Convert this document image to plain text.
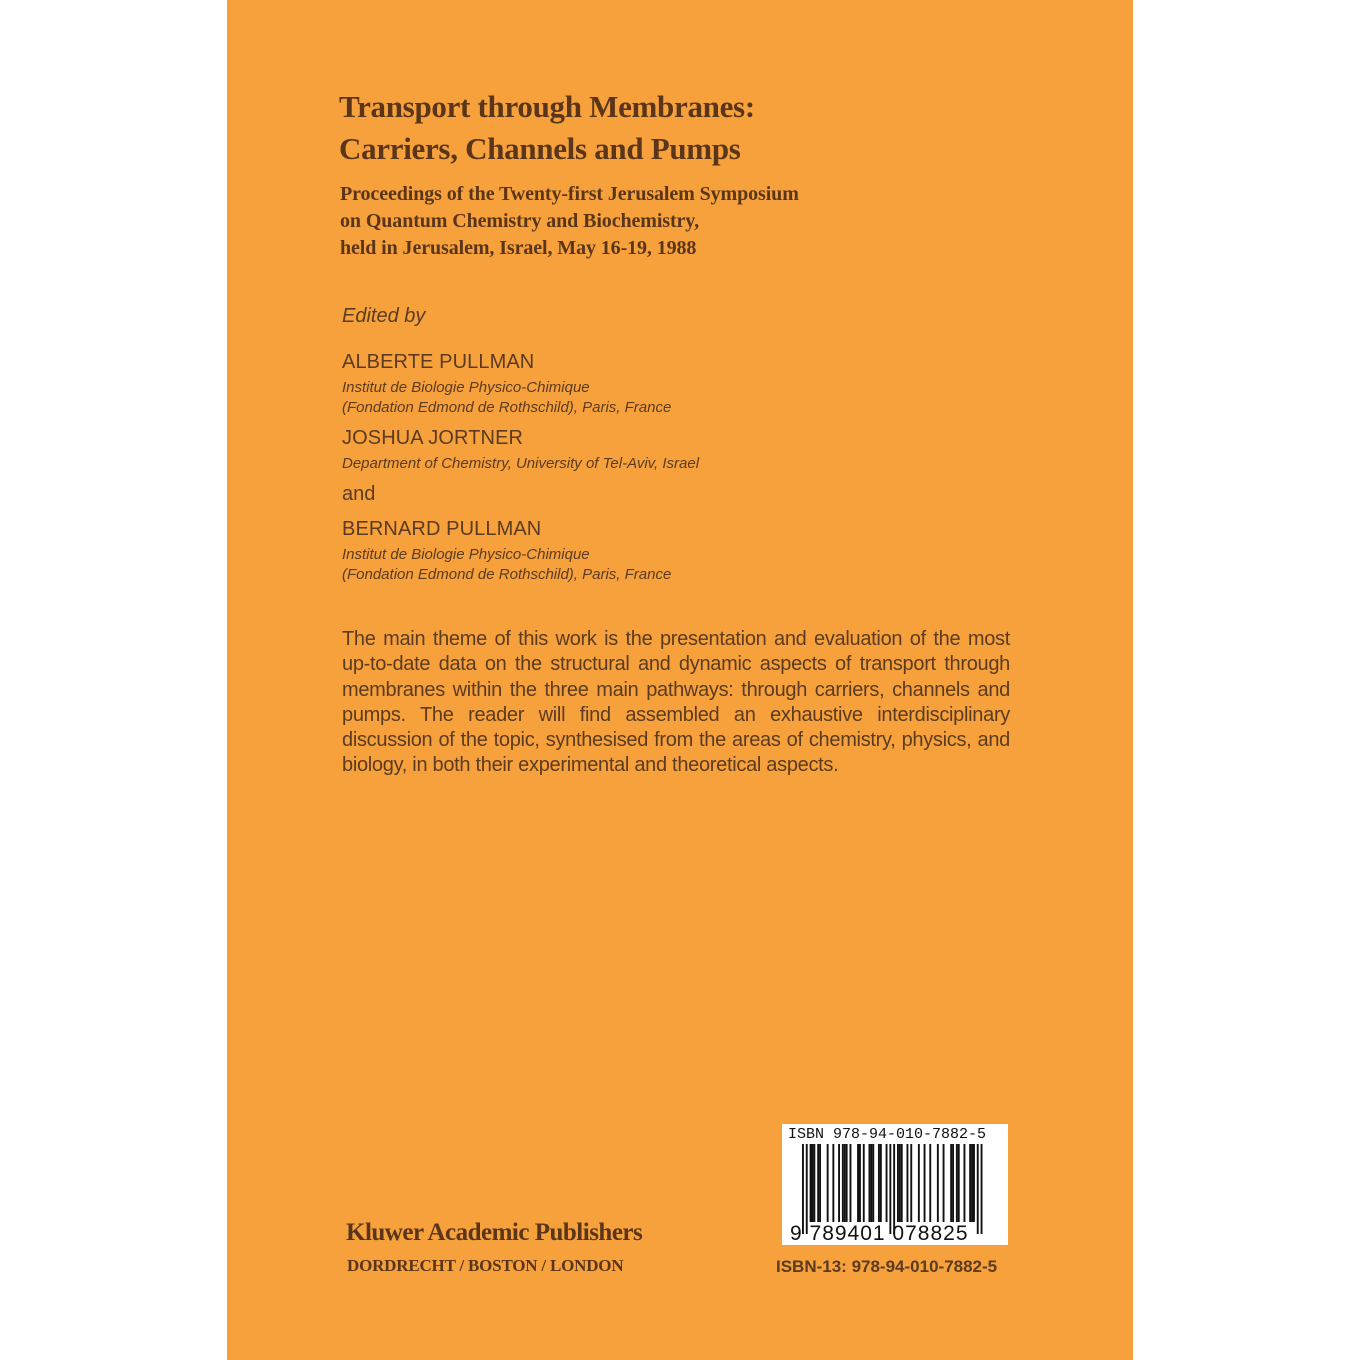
Transport through Membranes:
Carriers, Channels and Pumps
Proceedings of the Twenty-first Jerusalem Symposium
on Quantum Chemistry and Biochemistry,
held in Jerusalem, Israel, May 16-19, 1988
Edited by
ALBERTE PULLMAN
Institut de Biologie Physico-Chimique
(Fondation Edmond de Rothschild), Paris, France
JOSHUA JORTNER
Department of Chemistry, University of Tel-Aviv, Israel
and
BERNARD PULLMAN
Institut de Biologie Physico-Chimique
(Fondation Edmond de Rothschild), Paris, France

The main theme of this work is the presentation and evaluation of the most up-to-date data on the structural and dynamic aspects of transport through membranes within the three main pathways: through carriers, channels and pumps. The reader will find assembled an exhaustive interdisciplinary discussion of the topic, synthesised from the areas of chemistry, physics, and biology, in both their experimental and theoretical aspects.

Kluwer Academic Publishers
DORDRECHT / BOSTON / LONDON
ISBN 978-94-010-7882-5
9 789401 078825
ISBN-13: 978-94-010-7882-5
